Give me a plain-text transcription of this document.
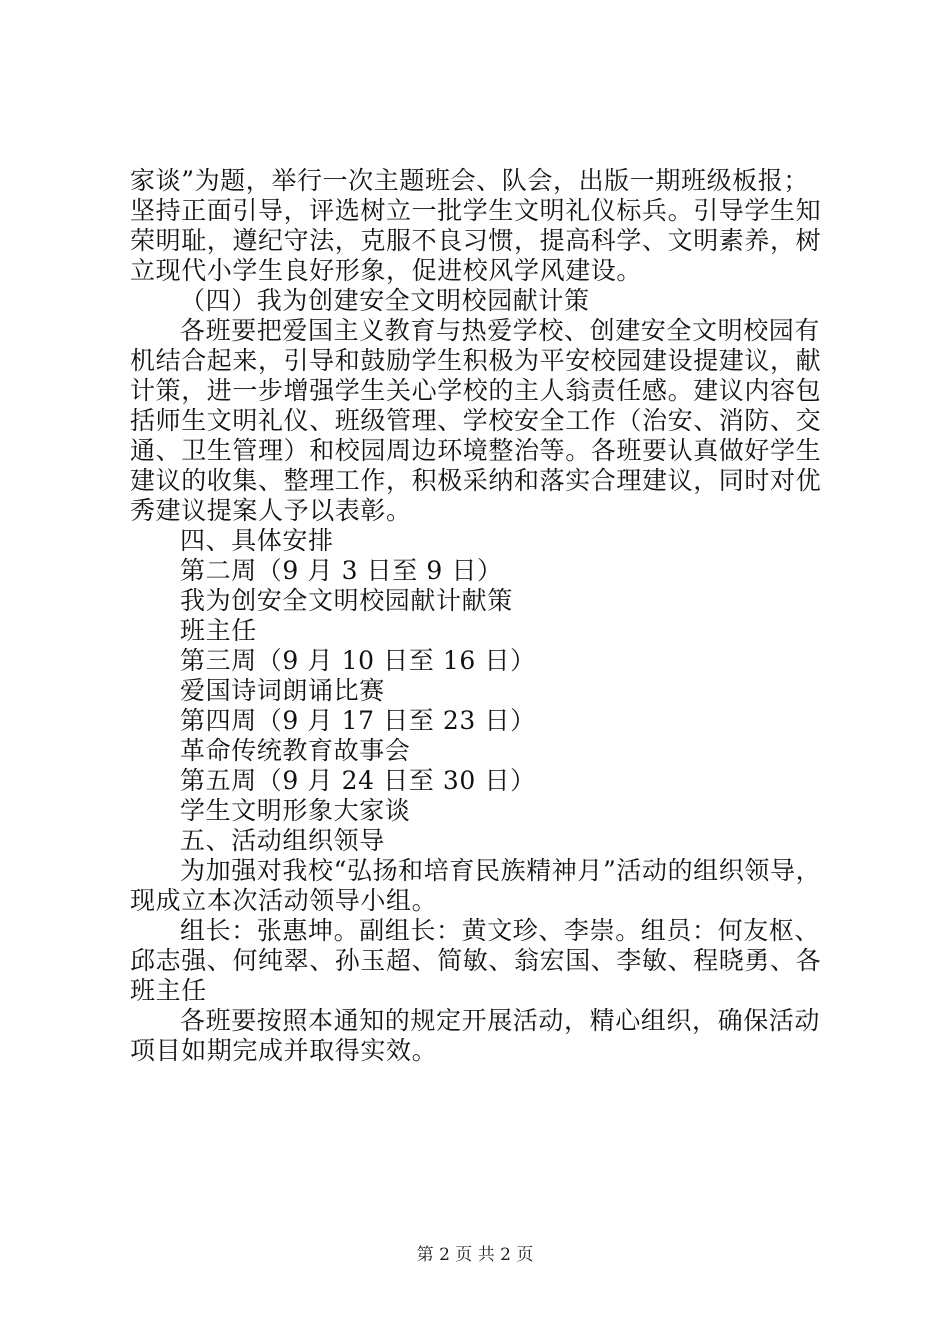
家谈”为题，举行一次主题班会、队会，出版一期班级板报；
坚持正面引导，评选树立一批学生文明礼仪标兵。引导学生知
荣明耻，遵纪守法，克服不良习惯，提高科学、文明素养，树
立现代小学生良好形象，促进校风学风建设。
（四）我为创建安全文明校园献计策
各班要把爱国主义教育与热爱学校、创建安全文明校园有
机结合起来，引导和鼓励学生积极为平安校园建设提建议，献
计策，进一步增强学生关心学校的主人翁责任感。建议内容包
括师生文明礼仪、班级管理、学校安全工作（治安、消防、交
通、卫生管理）和校园周边环境整治等。各班要认真做好学生
建议的收集、整理工作，积极采纳和落实合理建议，同时对优
秀建议提案人予以表彰。
四、具体安排
第二周（9 月 3 日至 9 日）
我为创安全文明校园献计献策
班主任
第三周（9 月 10 日至 16 日）
爱国诗词朗诵比赛
第四周（9 月 17 日至 23 日）
革命传统教育故事会
第五周（9 月 24 日至 30 日）
学生文明形象大家谈
五、活动组织领导
为加强对我校“弘扬和培育民族精神月”活动的组织领导，
现成立本次活动领导小组。
组长：张惠坤。副组长：黄文珍、李崇。组员：何友枢、
邱志强、何纯翠、孙玉超、简敏、翁宏国、李敏、程晓勇、各
班主任
各班要按照本通知的规定开展活动，精心组织，确保活动
项目如期完成并取得实效。
第 2 页 共 2 页
